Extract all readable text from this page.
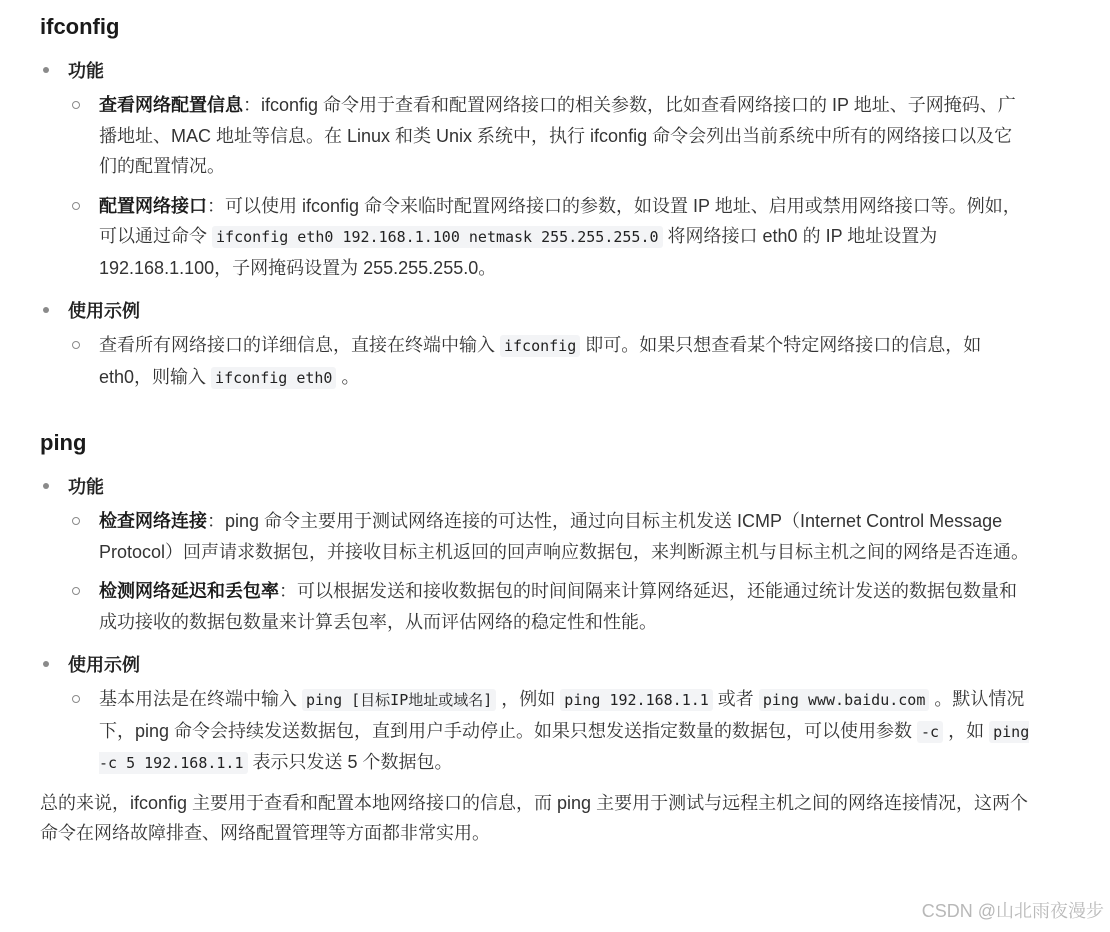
ifconfig
功能
查看网络配置信息：ifconfig 命令用于查看和配置网络接口的相关参数，比如查看网络接口的 IP 地址、子网掩码、广播地址、MAC 地址等信息。在 Linux 和类 Unix 系统中，执行 ifconfig 命令会列出当前系统中所有的网络接口以及它们的配置情况。
配置网络接口：可以使用 ifconfig 命令来临时配置网络接口的参数，如设置 IP 地址、启用或禁用网络接口等。例如，可以通过命令 ifconfig eth0 192.168.1.100 netmask 255.255.255.0 将网络接口 eth0 的 IP 地址设置为 192.168.1.100，子网掩码设置为 255.255.255.0。
使用示例
查看所有网络接口的详细信息，直接在终端中输入 ifconfig 即可。如果只想查看某个特定网络接口的信息，如 eth0，则输入 ifconfig eth0 。
ping
功能
检查网络连接：ping 命令主要用于测试网络连接的可达性，通过向目标主机发送 ICMP（Internet Control Message Protocol）回声请求数据包，并接收目标主机返回的回声响应数据包，来判断源主机与目标主机之间的网络是否连通。
检测网络延迟和丢包率：可以根据发送和接收数据包的时间间隔来计算网络延迟，还能通过统计发送的数据包数量和成功接收的数据包数量来计算丢包率，从而评估网络的稳定性和性能。
使用示例
基本用法是在终端中输入 ping [目标IP地址或域名] ，例如 ping 192.168.1.1 或者 ping www.baidu.com 。默认情况下，ping 命令会持续发送数据包，直到用户手动停止。如果只想发送指定数量的数据包，可以使用参数 -c ，如 ping -c 5 192.168.1.1 表示只发送 5 个数据包。

总的来说，ifconfig 主要用于查看和配置本地网络接口的信息，而 ping 主要用于测试与远程主机之间的网络连接情况，这两个命令在网络故障排查、网络配置管理等方面都非常实用。

CSDN @山北雨夜漫步
